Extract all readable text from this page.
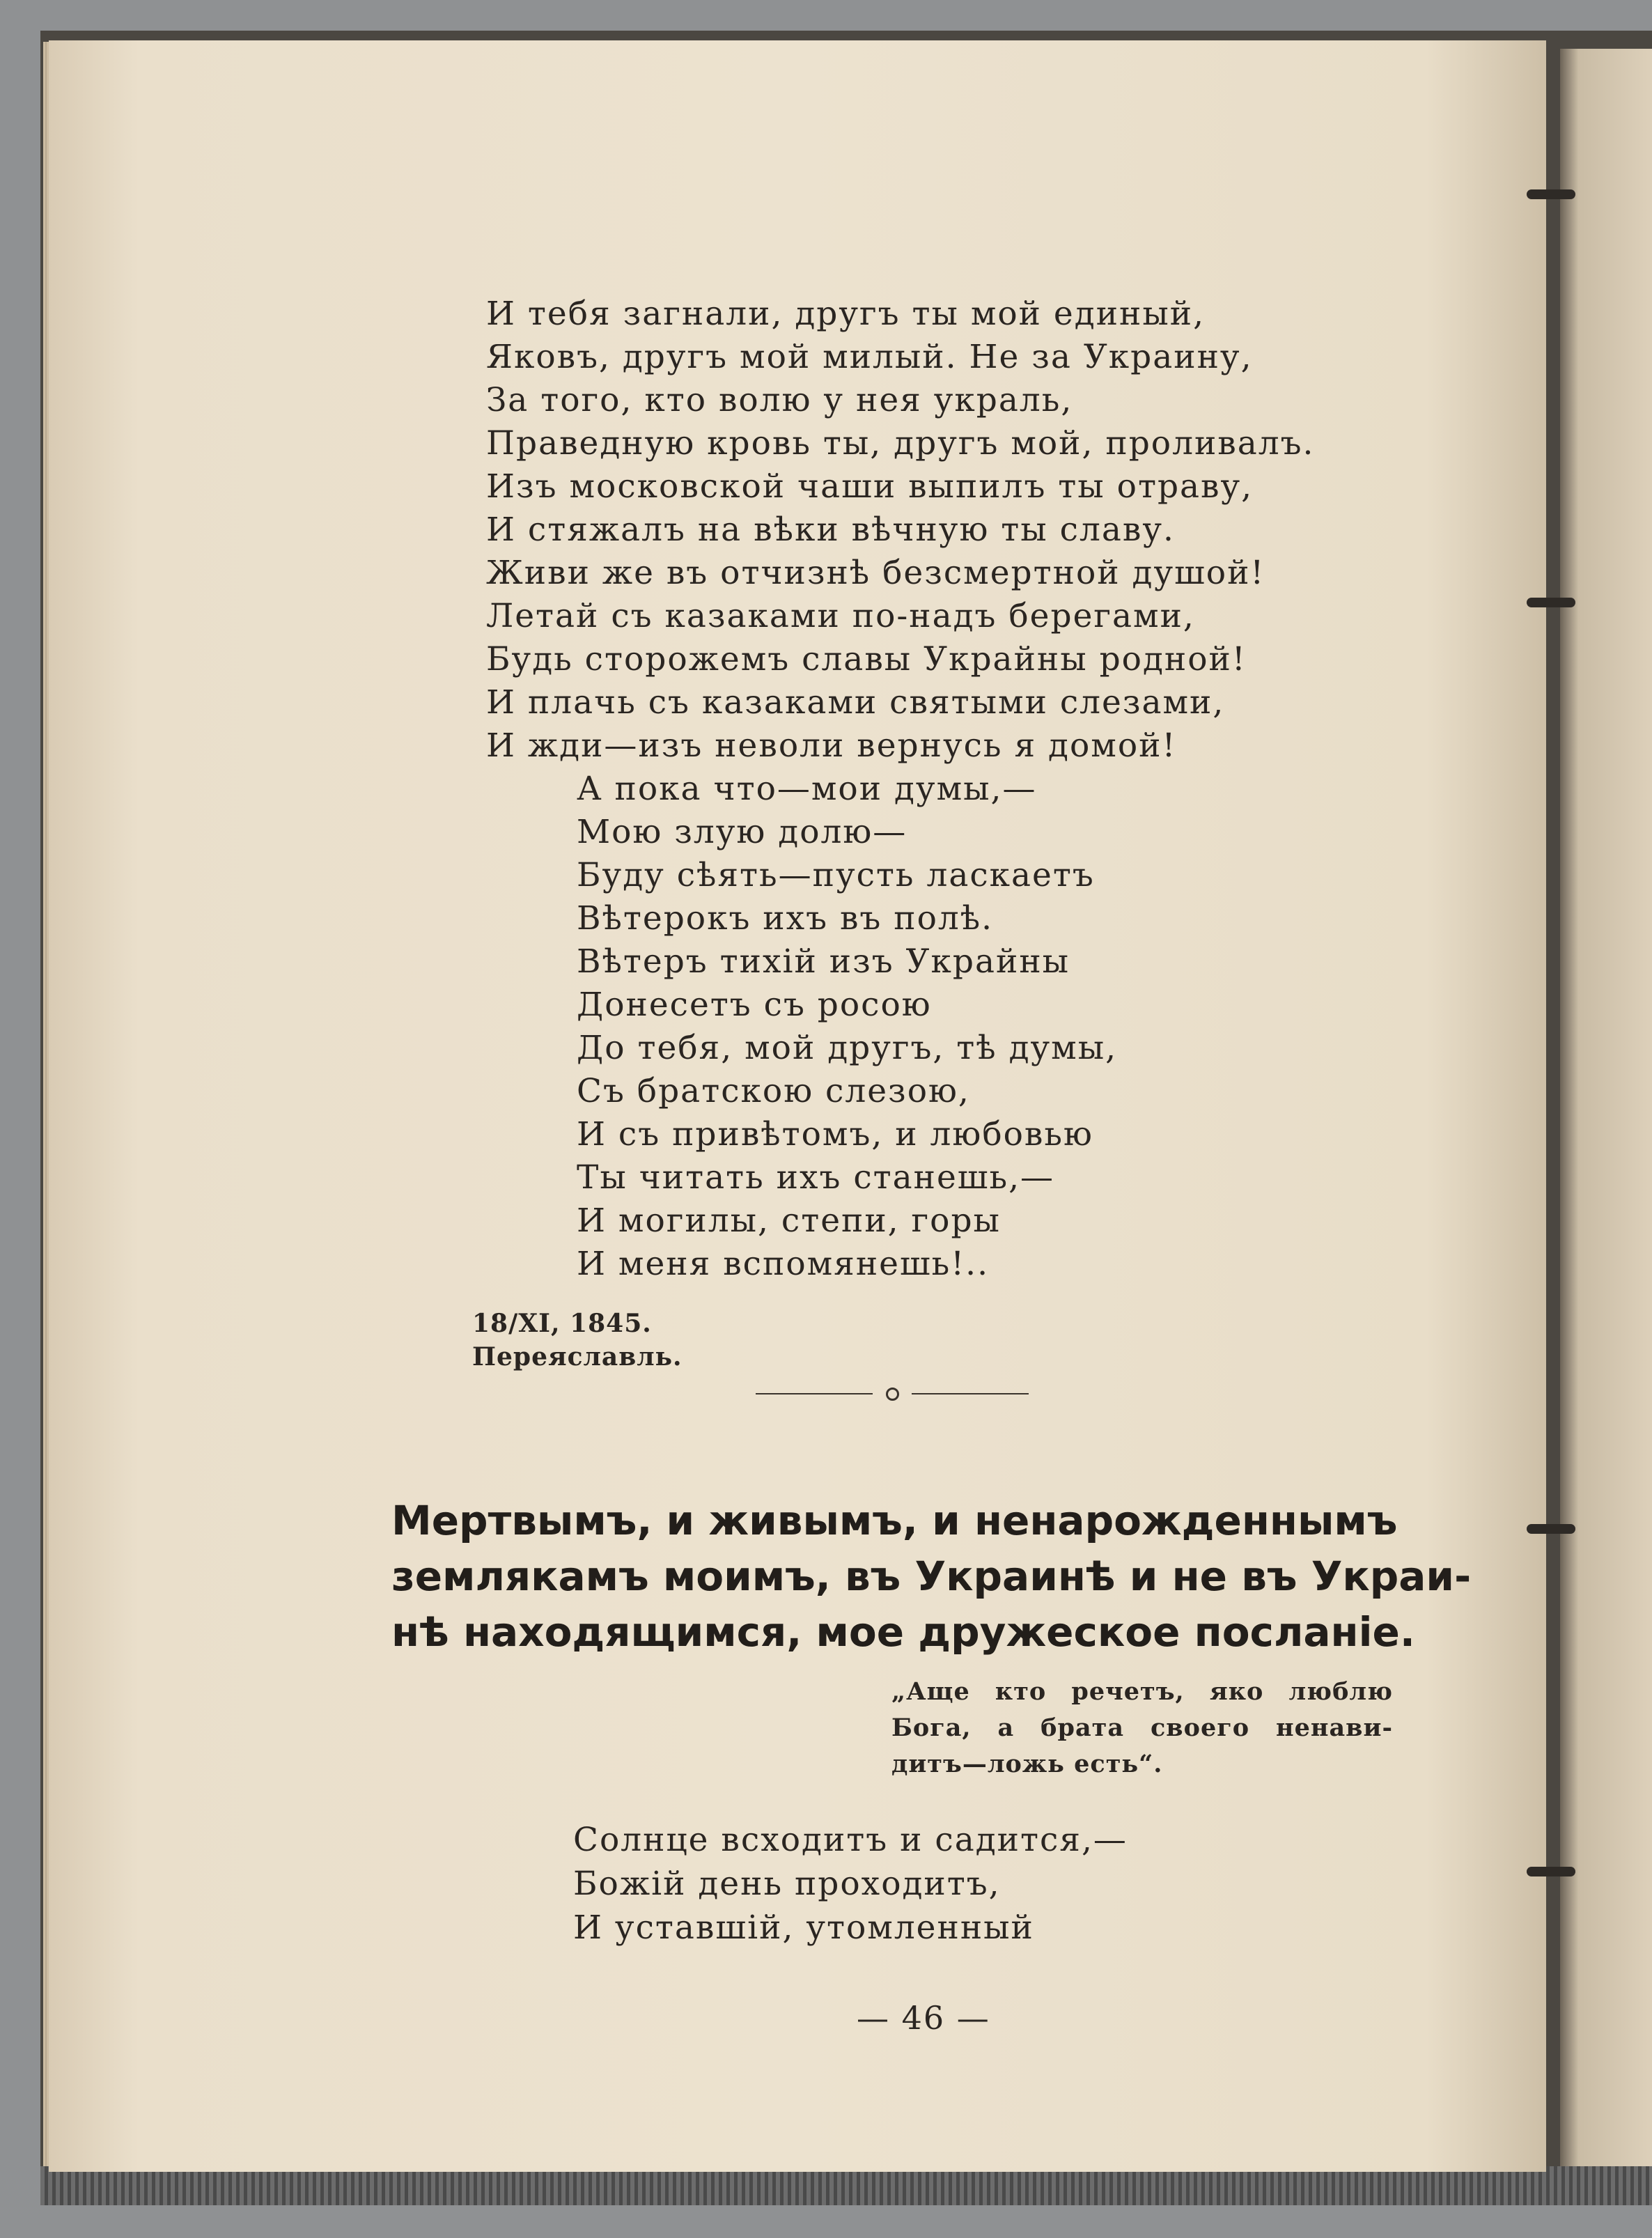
И тебя загнали, другъ ты мой единый,
Яковъ, другъ мой милый. Не за Украину,
За того, кто волю у нея украль,
Праведную кровь ты, другъ мой, проливалъ.
Изъ московской чаши выпилъ ты отраву,
И стяжалъ на вѣки вѣчную ты славу.
Живи же въ отчизнѣ безсмертной душой!
Летай съ казаками по-надъ берегами,
Будь сторожемъ славы Украйны родной!
И плачь съ казаками святыми слезами,
И жди—изъ неволи вернусь я домой!
А пока что—мои думы,—
Мою злую долю—
Буду сѣять—пусть ласкаетъ
Вѣтерокъ ихъ въ полѣ.
Вѣтеръ тихій изъ Украйны
Донесетъ съ росою
До тебя, мой другъ, тѣ думы,
Съ братскою слезою,
И съ привѣтомъ, и любовью
Ты читать ихъ станешь,—
И могилы, степи, горы
И меня вспомянешь!..
18/XI, 1845.
Переяславль.
Мертвымъ, и живымъ, и ненарожденнымъ
землякамъ моимъ, въ Украинѣ и не въ Украи-
нѣ находящимся, мое дружеское посланіе.
„Аще кто речетъ, яко люблю
Бога, а брата своего ненави-
дитъ—ложь есть“.
Солнце всходитъ и садится,—
Божій день проходитъ,
И уставшій, утомленный
— 46 —
